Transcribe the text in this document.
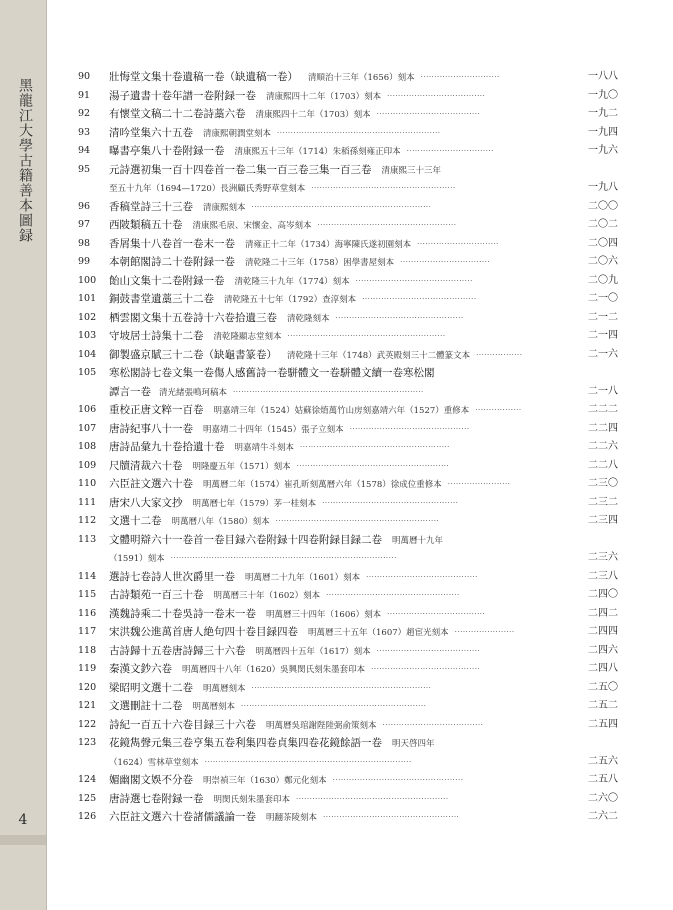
黑龍江大學古籍善本圖録
4
90	壯悔堂文集十卷遺稿一卷（缺遺稿一卷） 清順治十三年（1656）刻本 ·····························	一八八
91	湯子遺書十卷年譜一卷附録一卷 清康熙四十二年（1703）刻本 ····································	一九〇
92	有懷堂文稿二十二卷詩藁六卷 清康熙四十二年（1703）刻本 ······································	一九二
93	清吟堂集六十五卷 清康熙朝潤堂刻本 ····························································	一九四
94	曝書亭集八十卷附録一卷 清康熙五十三年（1714）朱稻孫刻雍正印本 ································	一九六
95	元詩選初集一百十四卷首一卷二集一百三卷三集一百三卷 清康熙三十三年
至五十九年（1694—1720）長洲顧氏秀野草堂刻本 ·····················································	一九八
96	香稿堂詩三十三卷 清康熙刻本 ··································································	二〇〇
97	西陂類稿五十卷 清康熙毛扆、宋懷金、高岑刻本 ···················································	二〇二
98	香屑集十八卷首一卷末一卷 清雍正十二年（1734）海寧陳氏遂初園刻本 ······························	二〇四
99	本朝館閣詩二十卷附録一卷 清乾隆二十三年（1758）困學書屋刻本 ·································	二〇六
100	飴山文集十二卷附録一卷 清乾隆三十九年（1774）刻本 ···········································	二〇九
101	銅鼓書堂遺藁三十二卷 清乾隆五十七年（1792）查淳刻本 ··········································	二一〇
102	栖雲閣文集十五卷詩十六卷拾遺三卷 清乾隆刻本 ···············································	二一二
103	守坡居士詩集十二卷 清乾隆顯志堂刻本 ··························································	二一四
104	御製盛京賦三十二卷（缺龜書篆卷） 清乾隆十三年（1748）武英殿刻三十二體篆文本 ·················	二一六
105	寒松閣詩七卷文集一卷傷人感舊詩一卷駢體文一卷駢體文續一卷寒松閣
譚言一卷 清光緒張鳴珂稿本 ······································································	二一八
106	重校正唐文粹一百卷 明嘉靖三年（1524）姑蘇徐焴萬竹山房刻嘉靖六年（1527）重修本 ·················	二二二
107	唐詩紀事八十一卷 明嘉靖二十四年（1545）張子立刻本 ············································	二二四
108	唐詩品彙九十卷拾遺十卷 明嘉靖牛斗刻本 ·······················································	二二六
109	尺牘清裁六十卷 明隆慶五年（1571）刻本 ························································	二二八
110	六臣註文選六十卷 明萬曆二年（1574）崔孔昕刻萬曆六年（1578）徐成位重修本 ·······················	二三〇
111	唐宋八大家文抄 明萬曆七年（1579）茅一桂刻本 ··················································	二三二
112	文選十二卷 明萬曆八年（1580）刻本 ····························································	二三四
113	文體明辯六十一卷首一卷目録六卷附録十四卷附録目録二卷 明萬曆十九年
（1591）刻本 ···················································································	二三六
114	選詩七卷詩人世次爵里一卷 明萬曆二十九年（1601）刻本 ·········································	二三八
115	古詩類苑一百三十卷 明萬曆三十年（1602）刻本 ·················································	二四〇
116	漢魏詩乘二十卷吳詩一卷末一卷 明萬曆三十四年（1606）刻本 ····································	二四二
117	宋洪魏公進萬首唐人絶句四十卷目録四卷 明萬曆三十五年（1607）趙宦光刻本 ······················	二四四
118	古詩歸十五卷唐詩歸三十六卷 明萬曆四十五年（1617）刻本 ······································	二四六
119	秦漢文鈔六卷 明萬曆四十八年（1620）吳興閔氏刻朱墨套印本 ········································	二四八
120	梁昭明文選十二卷 明萬曆刻本 ··································································	二五〇
121	文選刪註十二卷 明萬曆刻本 ····································································	二五二
122	詩紀一百五十六卷目録三十六卷 明萬曆吳琯謝陛陸弼俞策刻本 ·····································	二五四
123	花鏡雋聲元集三卷亨集五卷利集四卷貞集四卷花鏡餘語一卷 明天啓四年
（1624）雪林草堂刻本 ············································································	二五六
124	媚幽閣文娛不分卷 明崇禎三年（1630）鄭元化刻本 ················································	二五八
125	唐詩選七卷附録一卷 明閔氏刻朱墨套印本 ························································	二六〇
126	六臣註文選六十卷諸儒議論一卷 明翻茶陵刻本 ··················································	二六二
